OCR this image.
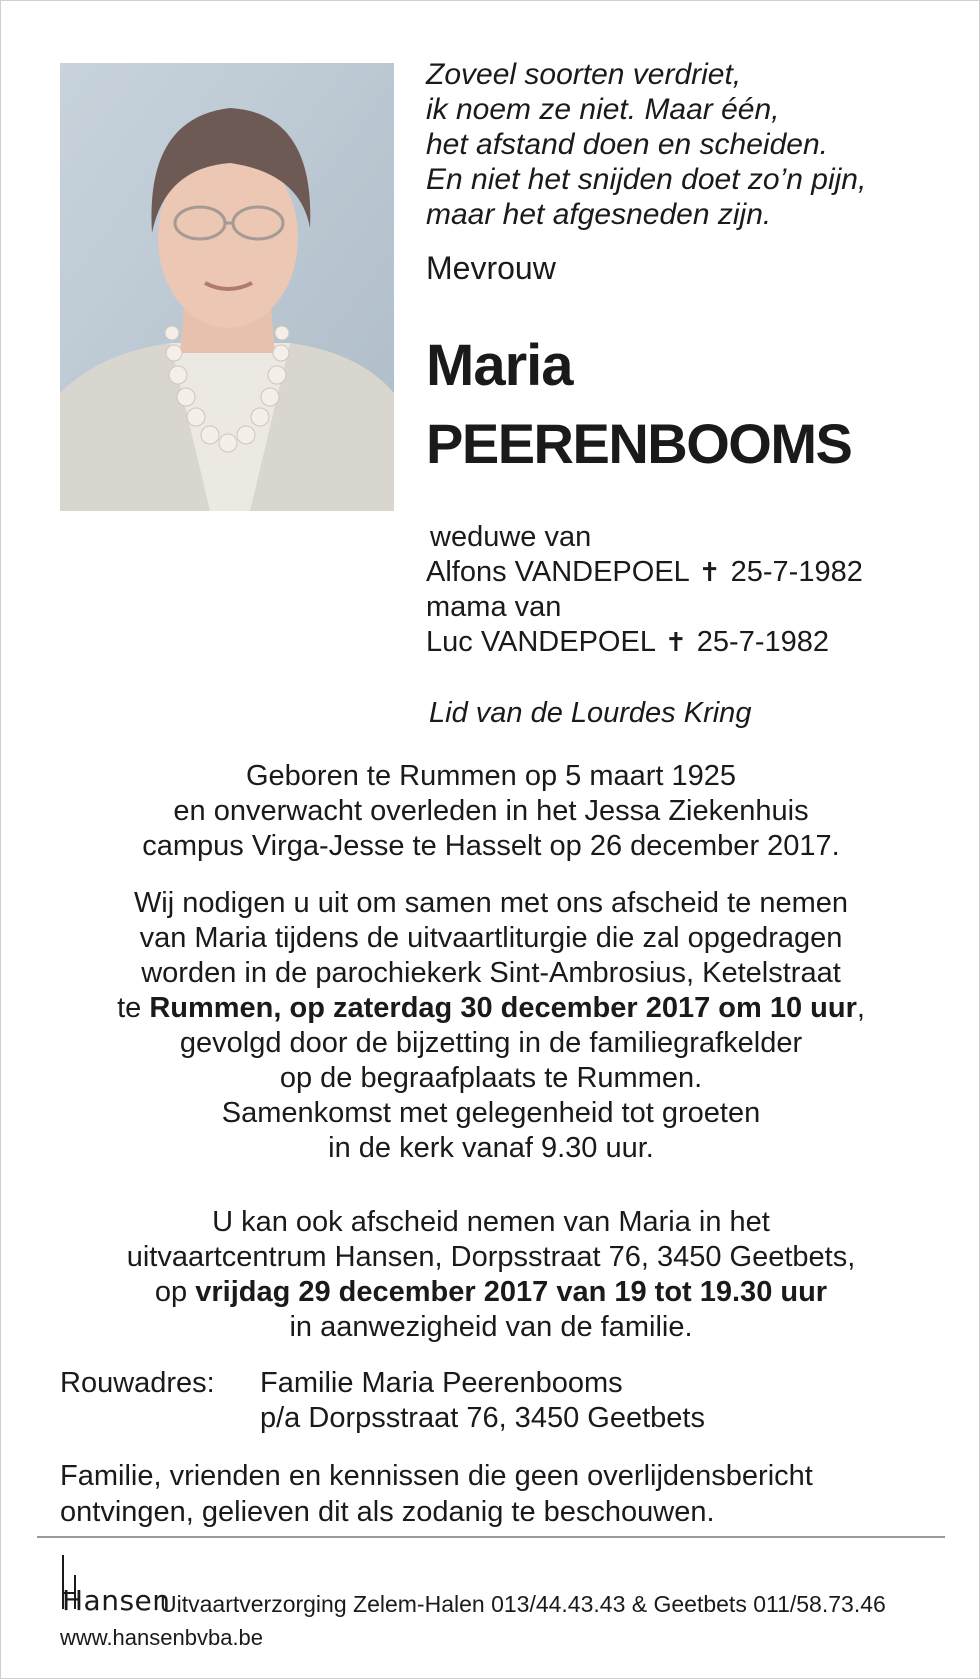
Zoveel soorten verdriet,
ik noem ze niet. Maar één,
het afstand doen en scheiden.
En niet het snijden doet zo’n pijn,
maar het afgesneden zijn.
Mevrouw
Maria
PEERENBOOMS
weduwe van
Alfons VANDEPOEL ✝ 25-7-1982
mama van
Luc VANDEPOEL ✝ 25-7-1982
Lid van de Lourdes Kring
Geboren te Rummen op 5 maart 1925
en onverwacht overleden in het Jessa Ziekenhuis
campus Virga-Jesse te Hasselt op 26 december 2017.
Wij nodigen u uit om samen met ons afscheid te nemen
van Maria tijdens de uitvaartliturgie die zal opgedragen
worden in de parochiekerk Sint-Ambrosius, Ketelstraat
te Rummen, op zaterdag 30 december 2017 om 10 uur,
gevolgd door de bijzetting in de familiegrafkelder
op de begraafplaats te Rummen.
Samenkomst met gelegenheid tot groeten
in de kerk vanaf 9.30 uur.
U kan ook afscheid nemen van Maria in het
uitvaartcentrum Hansen, Dorpsstraat 76, 3450 Geetbets,
op vrijdag 29 december 2017 van 19 tot 19.30 uur
in aanwezigheid van de familie.
Rouwadres: Familie Maria Peerenbooms
p/a Dorpsstraat 76, 3450 Geetbets
Familie, vrienden en kennissen die geen overlijdensbericht
ontvingen, gelieven dit als zodanig te beschouwen.
Hansen
Uitvaartverzorging Zelem-Halen 013/44.43.43 & Geetbets 011/58.73.46
www.hansenbvba.be
